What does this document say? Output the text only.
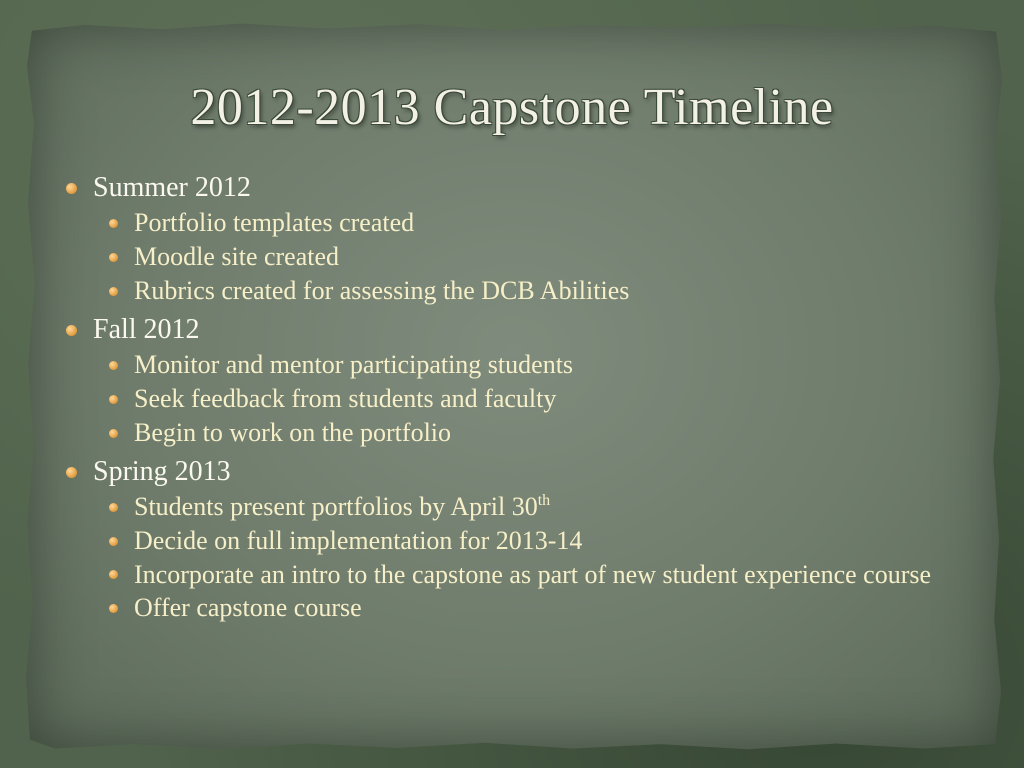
2012-2013 Capstone Timeline
Summer 2012
Portfolio templates created
Moodle site created
Rubrics created for assessing the DCB Abilities
Fall 2012
Monitor and mentor participating students
Seek feedback from students and faculty
Begin to work on the portfolio
Spring 2013
Students present portfolios by April 30th
Decide on full implementation for 2013-14
Incorporate an intro to the capstone as part of new student experience course
Offer capstone course
